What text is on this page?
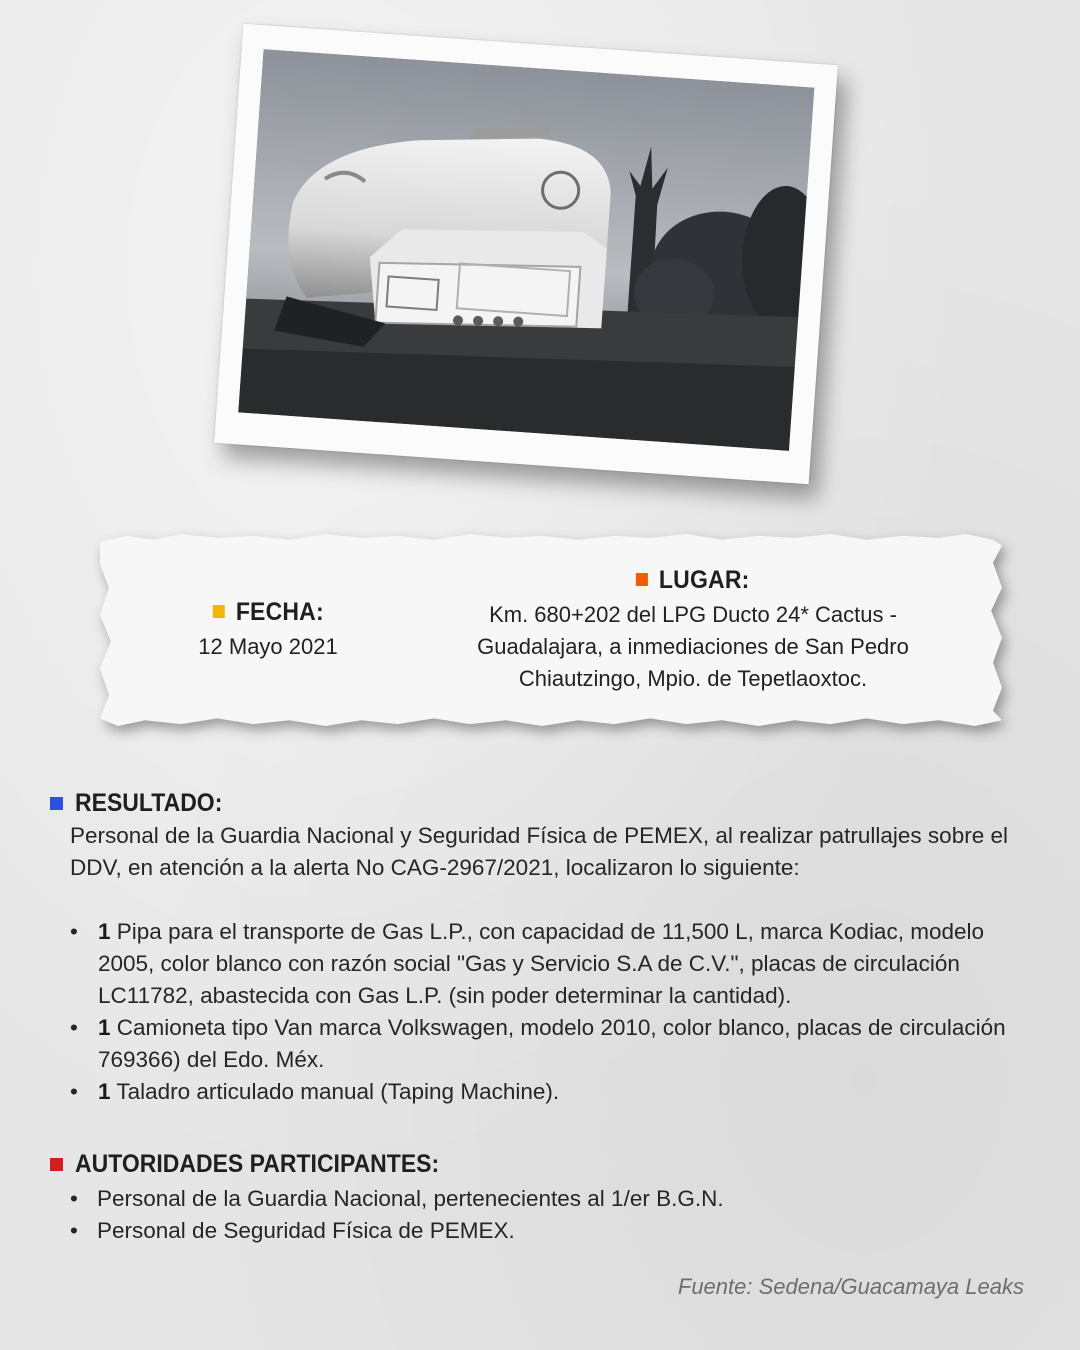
FECHA:
12 Mayo 2021
LUGAR:
Km. 680+202 del LPG Ducto 24* Cactus - Guadalajara, a inmediaciones de San Pedro Chiautzingo, Mpio. de Tepetlaoxtoc.
RESULTADO:

Personal de la Guardia Nacional y Seguridad Física de PEMEX, al realizar patrullajes sobre el DDV, en atención a la alerta No CAG-2967/2021, localizaron lo siguiente:

• 1 Pipa para el transporte de Gas L.P., con capacidad de 11,500 L, marca Kodiac, modelo 2005, color blanco con razón social "Gas y Servicio S.A de C.V.", placas de circulación LC11782, abastecida con Gas L.P. (sin poder determinar la cantidad).
• 1 Camioneta tipo Van marca Volkswagen, modelo 2010, color blanco, placas de circulación 769366) del Edo. Méx.
• 1 Taladro articulado manual (Taping Machine).
AUTORIDADES PARTICIPANTES:
• Personal de la Guardia Nacional, pertenecientes al 1/er B.G.N.
• Personal de Seguridad Física de PEMEX.
Fuente: Sedena/Guacamaya Leaks
